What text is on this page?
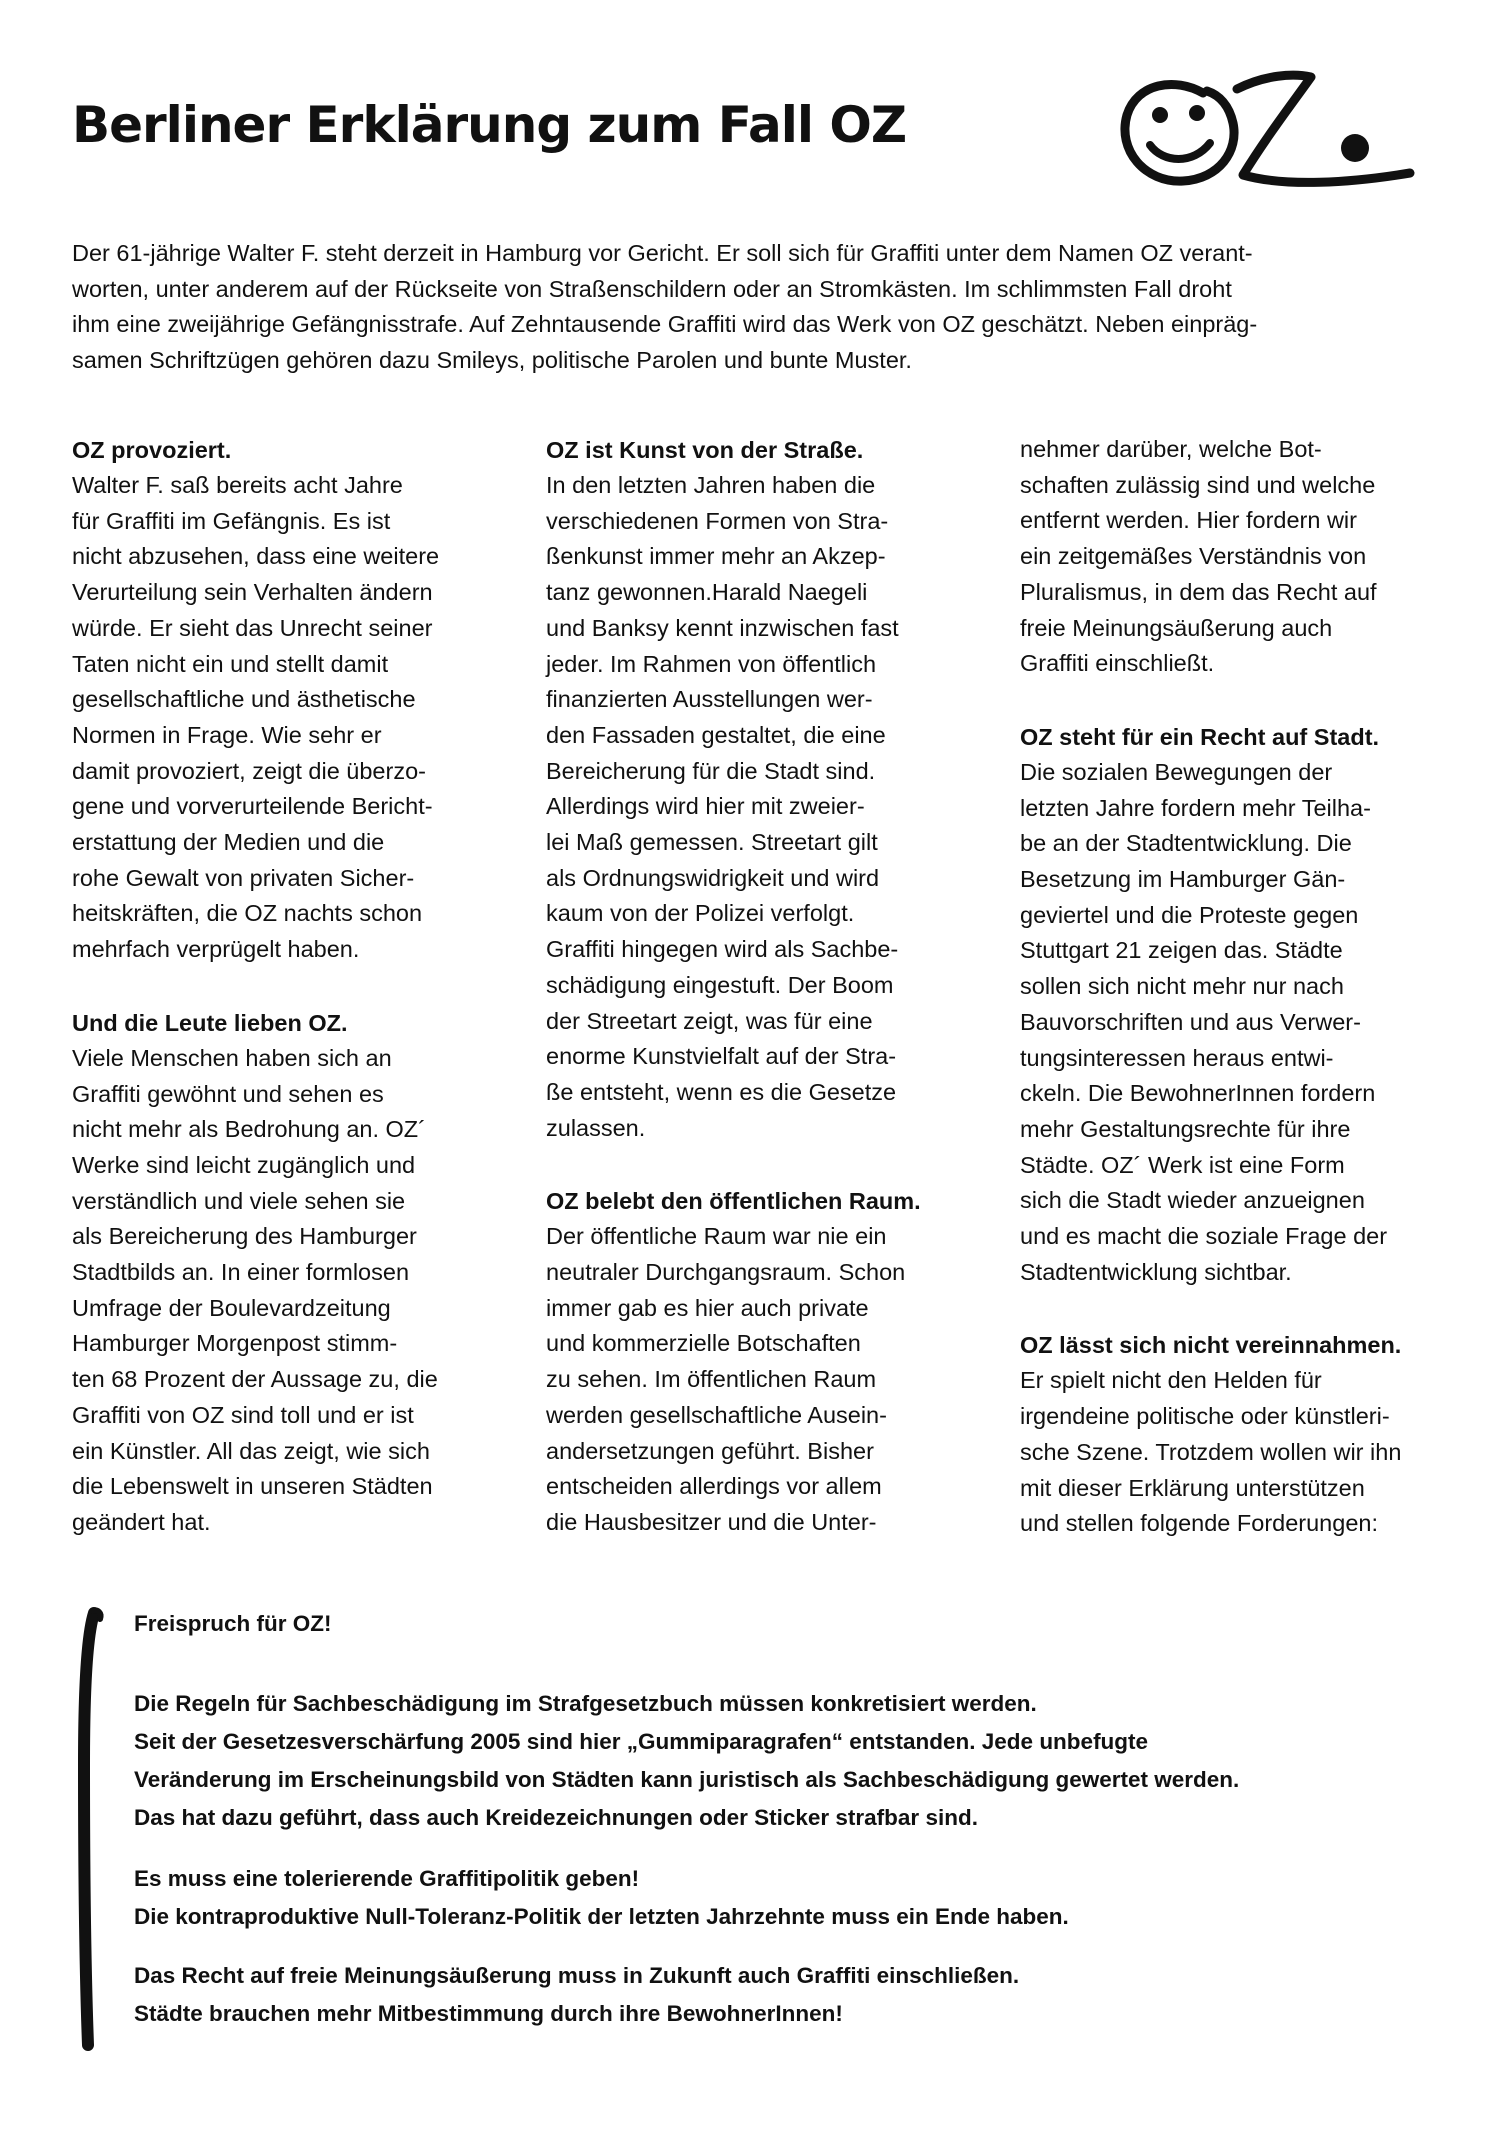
Berliner Erklärung zum Fall OZ
Der 61-jährige Walter F. steht derzeit in Hamburg vor Gericht. Er soll sich für Graffiti unter dem Namen OZ verant-
worten, unter anderem auf der Rückseite von Straßenschildern oder an Stromkästen. Im schlimmsten Fall droht
ihm eine zweijährige Gefängnisstrafe. Auf Zehntausende Graffiti wird das Werk von OZ geschätzt. Neben einpräg-
samen Schriftzügen gehören dazu Smileys, politische Parolen und bunte Muster.
OZ provoziert.

Walter F. saß bereits acht Jahre
für Graffiti im Gefängnis. Es ist
nicht abzusehen, dass eine weitere
Verurteilung sein Verhalten ändern
würde. Er sieht das Unrecht seiner
Taten nicht ein und stellt damit
gesellschaftliche und ästhetische
Normen in Frage. Wie sehr er
damit provoziert, zeigt die überzo-
gene und vorverurteilende Bericht-
erstattung der Medien und die
rohe Gewalt von privaten Sicher-
heitskräften, die OZ nachts schon
mehrfach verprügelt haben.

Und die Leute lieben OZ.

Viele Menschen haben sich an
Graffiti gewöhnt und sehen es
nicht mehr als Bedrohung an. OZ´
Werke sind leicht zugänglich und
verständlich und viele sehen sie
als Bereicherung des Hamburger
Stadtbilds an. In einer formlosen
Umfrage der Boulevardzeitung
Hamburger Morgenpost stimm-
ten 68 Prozent der Aussage zu, die
Graffiti von OZ sind toll und er ist
ein Künstler. All das zeigt, wie sich
die Lebenswelt in unseren Städten
geändert hat.

OZ ist Kunst von der Straße.

In den letzten Jahren haben die
verschiedenen Formen von Stra-
ßenkunst immer mehr an Akzep-
tanz gewonnen.Harald Naegeli
und Banksy kennt inzwischen fast
jeder. Im Rahmen von öffentlich
finanzierten Ausstellungen wer-
den Fassaden gestaltet, die eine
Bereicherung für die Stadt sind.
Allerdings wird hier mit zweier-
lei Maß gemessen. Streetart gilt
als Ordnungswidrigkeit und wird
kaum von der Polizei verfolgt.
Graffiti hingegen wird als Sachbe-
schädigung eingestuft. Der Boom
der Streetart zeigt, was für eine
enorme Kunstvielfalt auf der Stra-
ße entsteht, wenn es die Gesetze
zulassen.

OZ belebt den öffentlichen Raum.

Der öffentliche Raum war nie ein
neutraler Durchgangsraum. Schon
immer gab es hier auch private
und kommerzielle Botschaften
zu sehen. Im öffentlichen Raum
werden gesellschaftliche Ausein-
andersetzungen geführt. Bisher
entscheiden allerdings vor allem
die Hausbesitzer und die Unter-

nehmer darüber, welche Bot-
schaften zulässig sind und welche
entfernt werden. Hier fordern wir
ein zeitgemäßes Verständnis von
Pluralismus, in dem das Recht auf
freie Meinungsäußerung auch
Graffiti einschließt.

OZ steht für ein Recht auf Stadt.

Die sozialen Bewegungen der
letzten Jahre fordern mehr Teilha-
be an der Stadtentwicklung. Die
Besetzung im Hamburger Gän-
geviertel und die Proteste gegen
Stuttgart 21 zeigen das. Städte
sollen sich nicht mehr nur nach
Bauvorschriften und aus Verwer-
tungsinteressen heraus entwi-
ckeln. Die BewohnerInnen fordern
mehr Gestaltungsrechte für ihre
Städte. OZ´ Werk ist eine Form
sich die Stadt wieder anzueignen
und es macht die soziale Frage der
Stadtentwicklung sichtbar.

OZ lässt sich nicht vereinnahmen.

Er spielt nicht den Helden für
irgendeine politische oder künstleri-
sche Szene. Trotzdem wollen wir ihn
mit dieser Erklärung unterstützen
und stellen folgende Forderungen:

Freispruch für OZ!
Die Regeln für Sachbeschädigung im Strafgesetzbuch müssen konkretisiert werden.
Seit der Gesetzesverschärfung 2005 sind hier „Gummiparagrafen“ entstanden. Jede unbefugte
Veränderung im Erscheinungsbild von Städten kann juristisch als Sachbeschädigung gewertet werden.
Das hat dazu geführt, dass auch Kreidezeichnungen oder Sticker strafbar sind.
Es muss eine tolerierende Graffitipolitik geben!
Die kontraproduktive Null-Toleranz-Politik der letzten Jahrzehnte muss ein Ende haben.
Das Recht auf freie Meinungsäußerung muss in Zukunft auch Graffiti einschließen.
Städte brauchen mehr Mitbestimmung durch ihre BewohnerInnen!
